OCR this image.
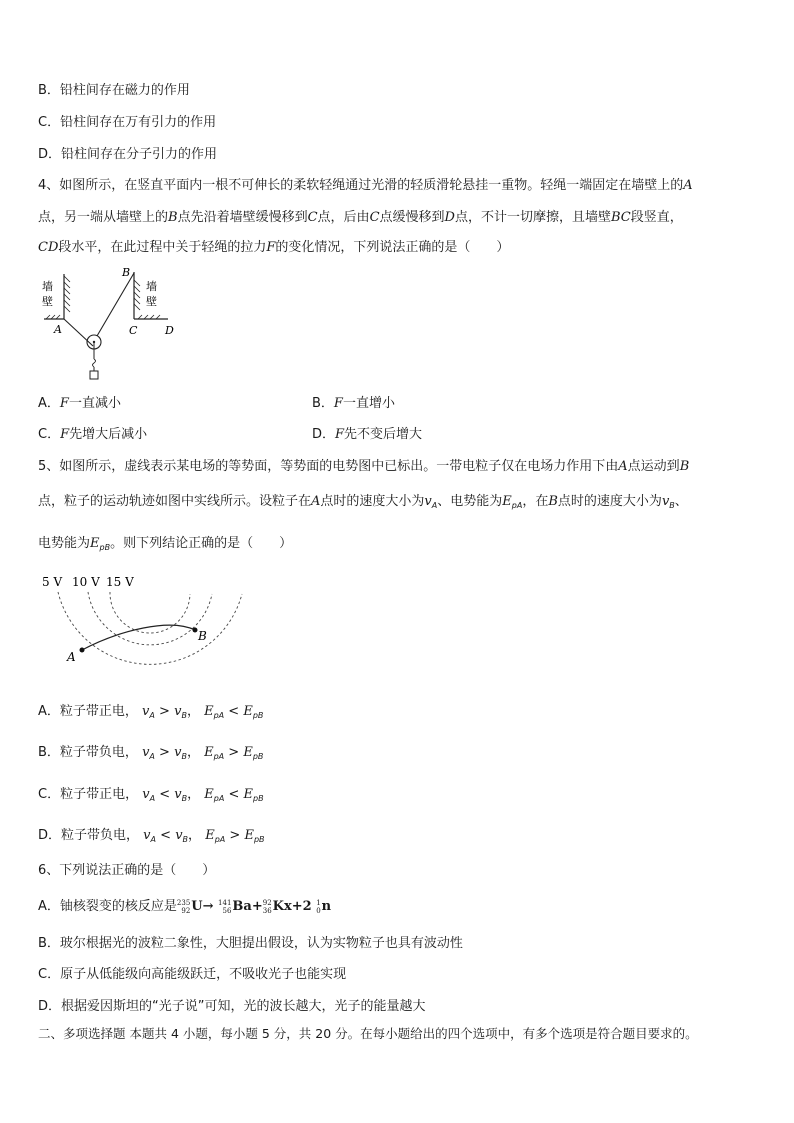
B．铅柱间存在磁力的作用
C．铅柱间存在万有引力的作用
D．铅柱间存在分子引力的作用
4、如图所示，在竖直平面内一根不可伸长的柔软轻绳通过光滑的轻质滑轮悬挂一重物。轻绳一端固定在墙壁上的A
点，另一端从墙壁上的B点先沿着墙壁缓慢移到C点，后由C点缓慢移到D点，不计一切摩擦，且墙壁BC段竖直，
CD段水平，在此过程中关于轻绳的拉力F的变化情况，下列说法正确的是（　　）
墙
壁
A
墙
壁
B
C	D
A．F一直减小	B．F一直增小
C．F先增大后减小	D．F先不变后增大
5、如图所示，虚线表示某电场的等势面，等势面的电势图中已标出。一带电粒子仅在电场力作用下由A点运动到B
点，粒子的运动轨迹如图中实线所示。设粒子在A点时的速度大小为$v_A$、电势能为$E_{pA}$，在B点时的速度大小为$v_B$、
电势能为$E_{pB}$。则下列结论正确的是（　　）
5 V 10 V 15 V
A
B
A．粒子带正电， $v_A > v_B$， $E_{pA} < E_{pB}$
B．粒子带负电， $v_A > v_B$， $E_{pA} > E_{pB}$
C．粒子带正电， $v_A < v_B$， $E_{pA} < E_{pB}$
D．粒子带负电， $v_A < v_B$， $E_{pA} > E_{pB}$
6、下列说法正确的是（　　）
A．铀核裂变的核反应是 235
92 U→ 141
56 Ba+ 92
36 Kx+2 1
0 n
B．玻尔根据光的波粒二象性，大胆提出假设，认为实物粒子也具有波动性
C．原子从低能级向高能级跃迁，不吸收光子也能实现
D．根据爱因斯坦的“光子说”可知，光的波长越大，光子的能量越大
二、多项选择题 本题共 4 小题，每小题 5 分，共 20 分。在每小题给出的四个选项中，有多个选项是符合题目要求的。
